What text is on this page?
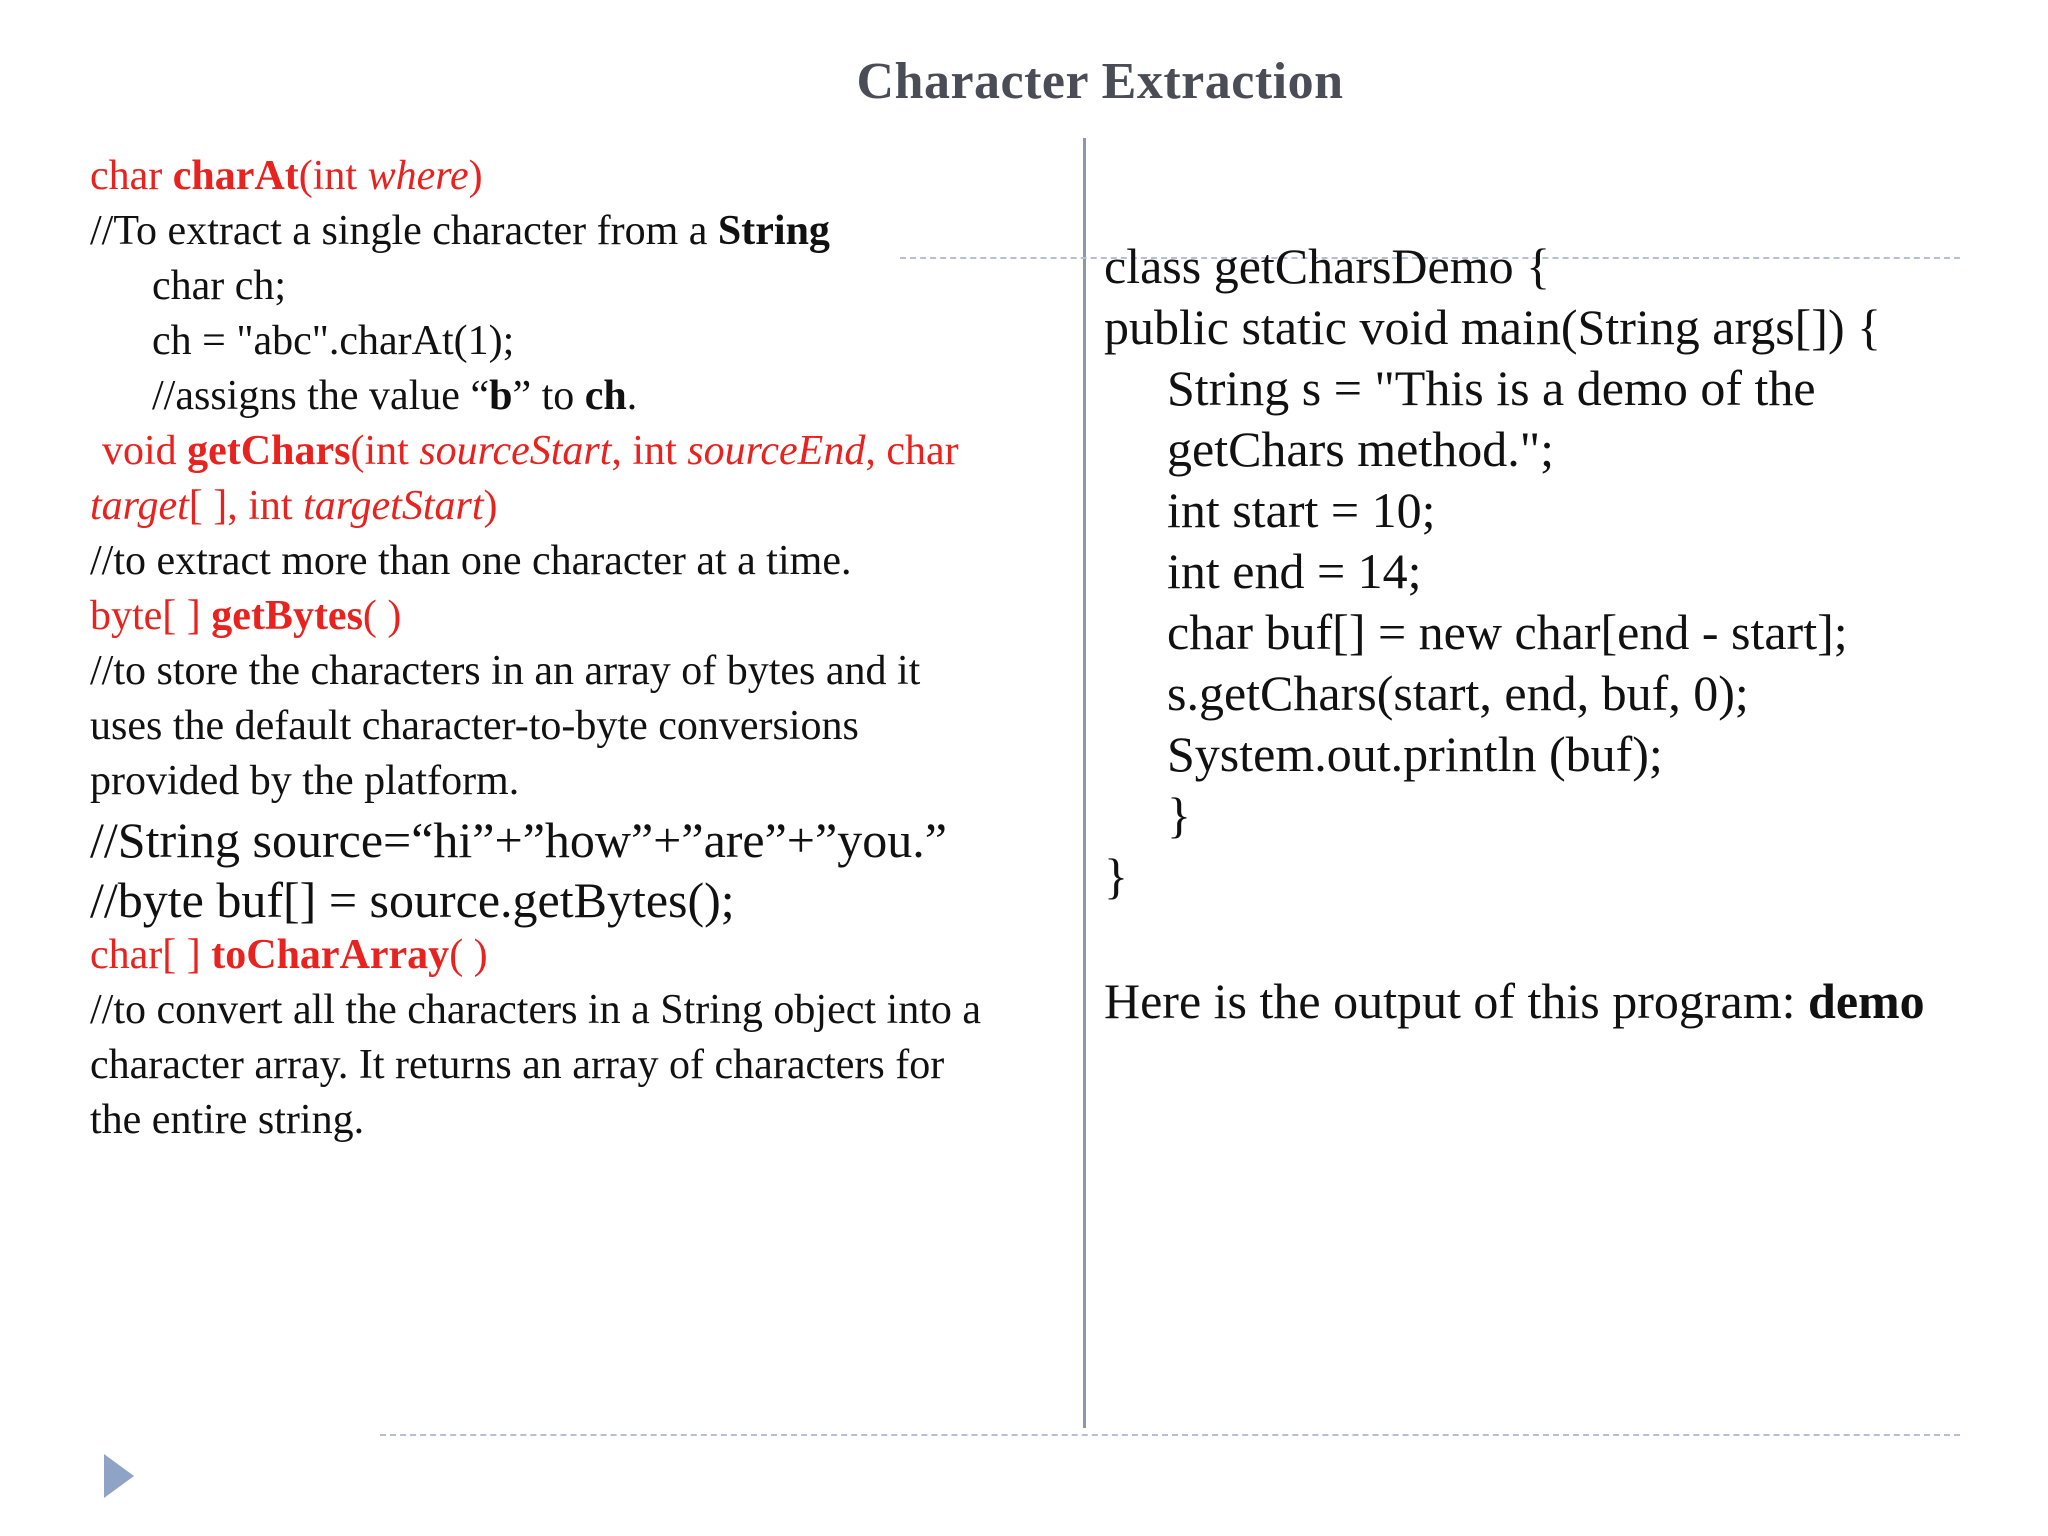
Character Extraction
char charAt(int where)
//To extract a single character from a String
char ch;
ch = "abc".charAt(1);
//assigns the value “b” to ch.
void getChars(int sourceStart, int sourceEnd, char
target[ ], int targetStart)
//to extract more than one character at a time.
byte[ ] getBytes( )
//to store the characters in an array of bytes and it
uses the default character-to-byte conversions
provided by the platform.
//String source=“hi”+”how”+”are”+”you.”
//byte buf[] = source.getBytes();
char[ ] toCharArray( )
//to convert all the characters in a String object into a
character array. It returns an array of characters for
the entire string.
class getCharsDemo {
public static void main(String args[]) {
String s = "This is a demo of the
getChars method.";
int start = 10;
int end = 14;
char buf[] = new char[end - start];
s.getChars(start, end, buf, 0);
System.out.println (buf);
}
}
Here is the output of this program: demo
